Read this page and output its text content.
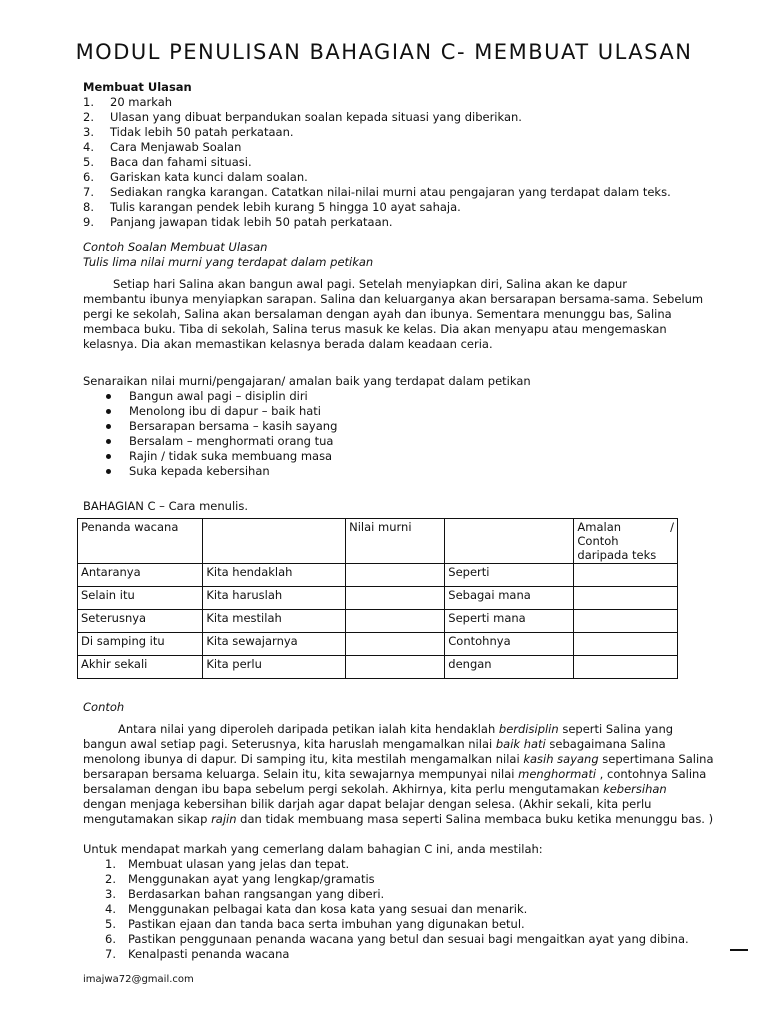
MODUL PENULISAN BAHAGIAN C- MEMBUAT ULASAN
Membuat Ulasan
1. 20 markah
2. Ulasan yang dibuat berpandukan soalan kepada situasi yang diberikan.
3. Tidak lebih 50 patah perkataan.
4. Cara Menjawab Soalan
5. Baca dan fahami situasi.
6. Gariskan kata kunci dalam soalan.
7. Sediakan rangka karangan. Catatkan nilai-nilai murni atau pengajaran yang terdapat dalam teks.
8. Tulis karangan pendek lebih kurang 5 hingga 10 ayat sahaja.
9. Panjang jawapan tidak lebih 50 patah perkataan.
Contoh Soalan Membuat Ulasan
Tulis lima nilai murni yang terdapat dalam petikan
Setiap hari Salina akan bangun awal pagi. Setelah menyiapkan diri, Salina akan ke dapur
membantu ibunya menyiapkan sarapan. Salina dan keluarganya akan bersarapan bersama-sama. Sebelum
pergi ke sekolah, Salina akan bersalaman dengan ayah dan ibunya. Sementara menunggu bas, Salina
membaca buku. Tiba di sekolah, Salina terus masuk ke kelas. Dia akan menyapu atau mengemaskan
kelasnya. Dia akan memastikan kelasnya berada dalam keadaan ceria.
Senaraikan nilai murni/pengajaran/ amalan baik yang terdapat dalam petikan
Bangun awal pagi – disiplin diri
Menolong ibu di dapur – baik hati
Bersarapan bersama – kasih sayang
Bersalam – menghormati orang tua
Rajin / tidak suka membuang masa
Suka kepada kebersihan
BAHAGIAN C – Cara menulis.
Penanda wacana		Nilai murni		Amalan /
Contoh
daripada teks

Antaranya	Kita hendaklah		Seperti	
Selain itu	Kita haruslah		Sebagai mana	
Seterusnya	Kita mestilah		Seperti mana	
Di samping itu	Kita sewajarnya		Contohnya	
Akhir sekali	Kita perlu		dengan	
Contoh
Antara nilai yang diperoleh daripada petikan ialah kita hendaklah berdisiplin seperti Salina yang
bangun awal setiap pagi. Seterusnya, kita haruslah mengamalkan nilai baik hati sebagaimana Salina
menolong ibunya di dapur. Di samping itu, kita mestilah mengamalkan nilai kasih sayang sepertimana Salina
bersarapan bersama keluarga. Selain itu, kita sewajarnya mempunyai nilai menghormati , contohnya Salina
bersalaman dengan ibu bapa sebelum pergi sekolah. Akhirnya, kita perlu mengutamakan kebersihan
dengan menjaga kebersihan bilik darjah agar dapat belajar dengan selesa. (Akhir sekali, kita perlu
mengutamakan sikap rajin dan tidak membuang masa seperti Salina membaca buku ketika menunggu bas. )
Untuk mendapat markah yang cemerlang dalam bahagian C ini, anda mestilah:
1. Membuat ulasan yang jelas dan tepat.
2. Menggunakan ayat yang lengkap/gramatis
3. Berdasarkan bahan rangsangan yang diberi.
4. Menggunakan pelbagai kata dan kosa kata yang sesuai dan menarik.
5. Pastikan ejaan dan tanda baca serta imbuhan yang digunakan betul.
6. Pastikan penggunaan penanda wacana yang betul dan sesuai bagi mengaitkan ayat yang dibina.
7. Kenalpasti penanda wacana
imajwa72@gmail.com
